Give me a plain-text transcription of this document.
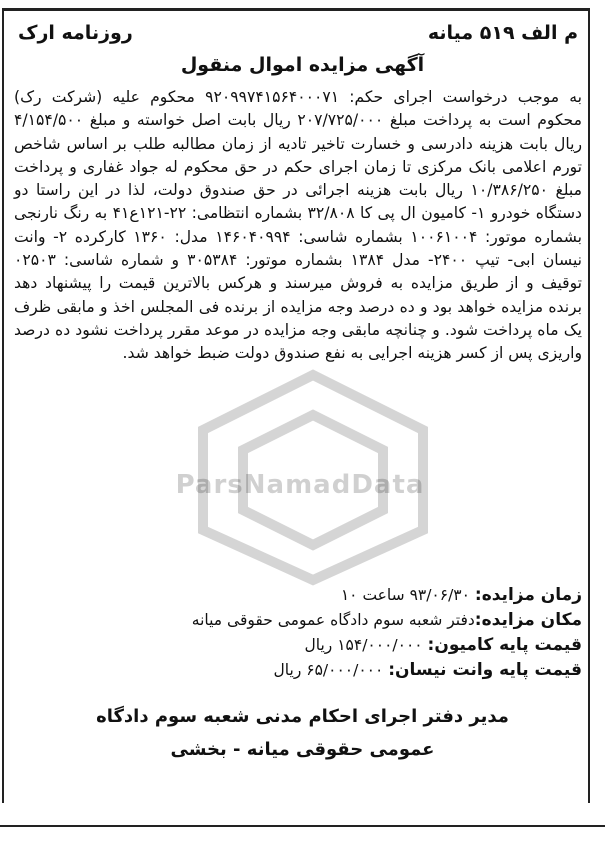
ParsNamadData
م الف ۵۱۹ میانه
روزنامه ارک
آگهی مزایده اموال منقول

به موجب درخواست اجرای حکم: ۹۲۰۹۹۷۴۱۵۶۴۰۰۰۷۱ محکوم علیه (شرکت رک) محکوم است به پرداخت مبلغ ۲۰۷/۷۲۵/۰۰۰ ریال بابت اصل خواسته و مبلغ ۴/۱۵۴/۵۰۰ ریال بابت هزینه دادرسی و خسارت تاخیر تادیه از زمان مطالبه طلب بر اساس شاخص تورم اعلامی بانک مرکزی تا زمان اجرای حکم در حق محکوم له جواد غفاری و پرداخت مبلغ ۱۰/۳۸۶/۲۵۰ ریال بابت هزینه اجرائی در حق صندوق دولت، لذا در این راستا دو دستگاه خودرو ۱- کامیون ال پی کا ۳۲/۸۰۸ بشماره انتظامی: ۲۲-۱۲۱ع۴۱ به رنگ نارنجی بشماره موتور: ۱۰۰۶۱۰۰۴ بشماره شاسی: ۱۴۶۰۴۰۹۹۴ مدل: ۱۳۶۰ کارکرده ۲- وانت نیسان ابی- تیپ ۲۴۰۰- مدل ۱۳۸۴ بشماره موتور: ۳۰۵۳۸۴ و شماره شاسی: ۰۲۵۰۳ توقیف و از طریق مزایده به فروش میرسند و هرکس بالاترین قیمت را پیشنهاد دهد برنده مزایده خواهد بود و ده درصد وجه مزایده از برنده فی المجلس اخذ و مابقی ظرف یک ماه پرداخت شود. و چنانچه مابقی وجه مزایده در موعد مقرر پرداخت نشود ده درصد واریزی پس از کسر هزینه اجرایی به نفع صندوق دولت ضبط خواهد شد.

زمان مزایده: ۹۳/۰۶/۳۰ ساعت ۱۰
مکان مزایده:دفتر شعبه سوم دادگاه عمومی حقوقی میانه
قیمت پایه کامیون: ۱۵۴/۰۰۰/۰۰۰ ریال
قیمت پایه وانت نیسان: ۶۵/۰۰۰/۰۰۰ ریال
مدیر دفتر اجرای احکام مدنی شعبه سوم دادگاه
عمومی حقوقی میانه - بخشی
